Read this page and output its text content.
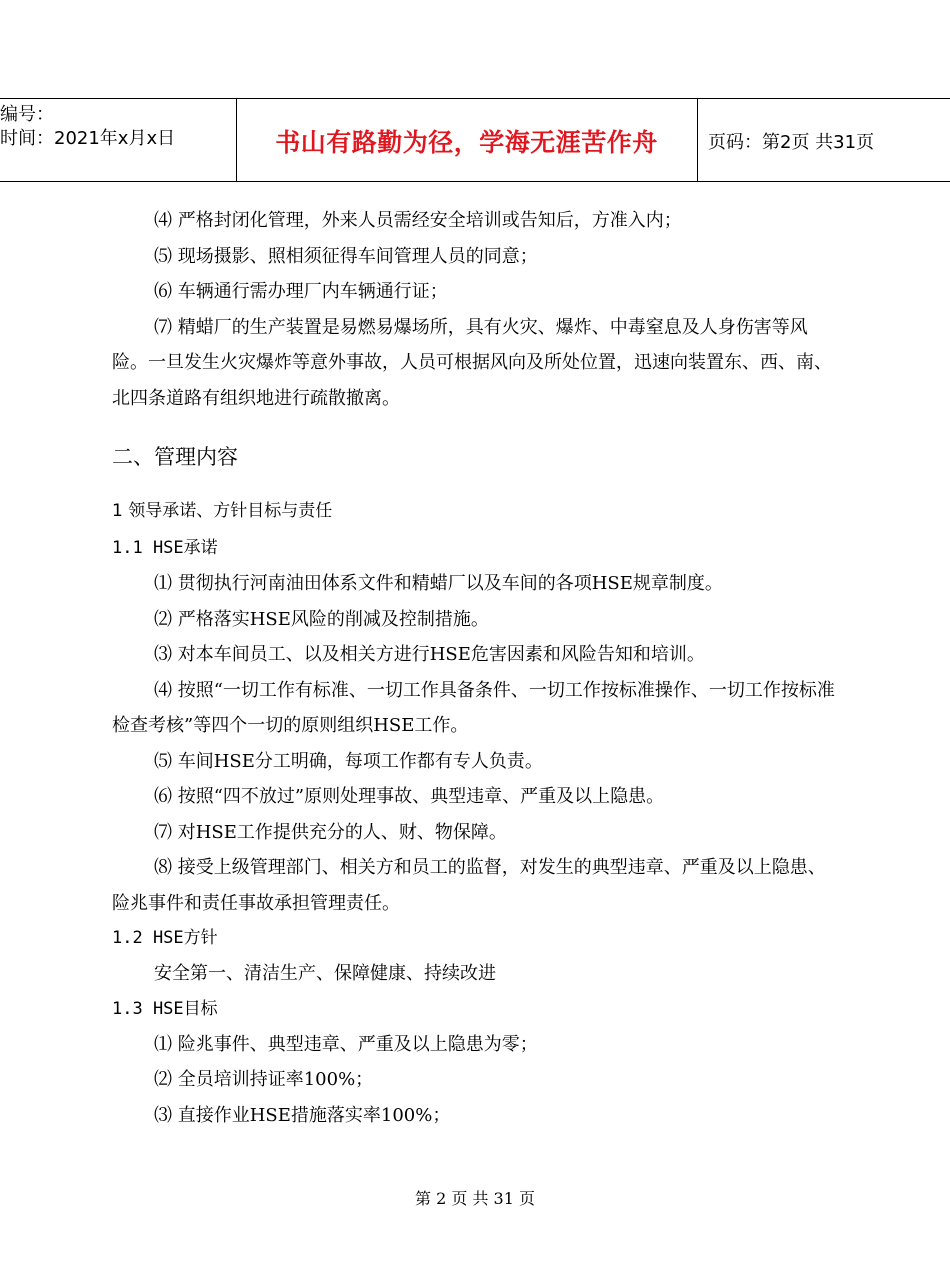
编号：
时间：2021年x月x日	书山有路勤为径，学海无涯苦作舟	页码：第2页 共31页

⑷ 严格封闭化管理，外来人员需经安全培训或告知后，方准入内；

⑸ 现场摄影、照相须征得车间管理人员的同意；

⑹ 车辆通行需办理厂内车辆通行证；

⑺ 精蜡厂的生产装置是易燃易爆场所，具有火灾、爆炸、中毒窒息及人身伤害等风险。一旦发生火灾爆炸等意外事故，人员可根据风向及所处位置，迅速向装置东、西、南、北四条道路有组织地进行疏散撤离。

二、管理内容

1 领导承诺、方针目标与责任

1.1 HSE承诺

⑴ 贯彻执行河南油田体系文件和精蜡厂以及车间的各项HSE规章制度。

⑵ 严格落实HSE风险的削减及控制措施。

⑶ 对本车间员工、以及相关方进行HSE危害因素和风险告知和培训。

⑷ 按照“一切工作有标准、一切工作具备条件、一切工作按标准操作、一切工作按标准检查考核”等四个一切的原则组织HSE工作。

⑸ 车间HSE分工明确，每项工作都有专人负责。

⑹ 按照“四不放过”原则处理事故、典型违章、严重及以上隐患。

⑺ 对HSE工作提供充分的人、财、物保障。

⑻ 接受上级管理部门、相关方和员工的监督，对发生的典型违章、严重及以上隐患、险兆事件和责任事故承担管理责任。

1.2 HSE方针

安全第一、清洁生产、保障健康、持续改进

1.3 HSE目标

⑴ 险兆事件、典型违章、严重及以上隐患为零；

⑵ 全员培训持证率100%；

⑶ 直接作业HSE措施落实率100%；

第 2 页 共 31 页
